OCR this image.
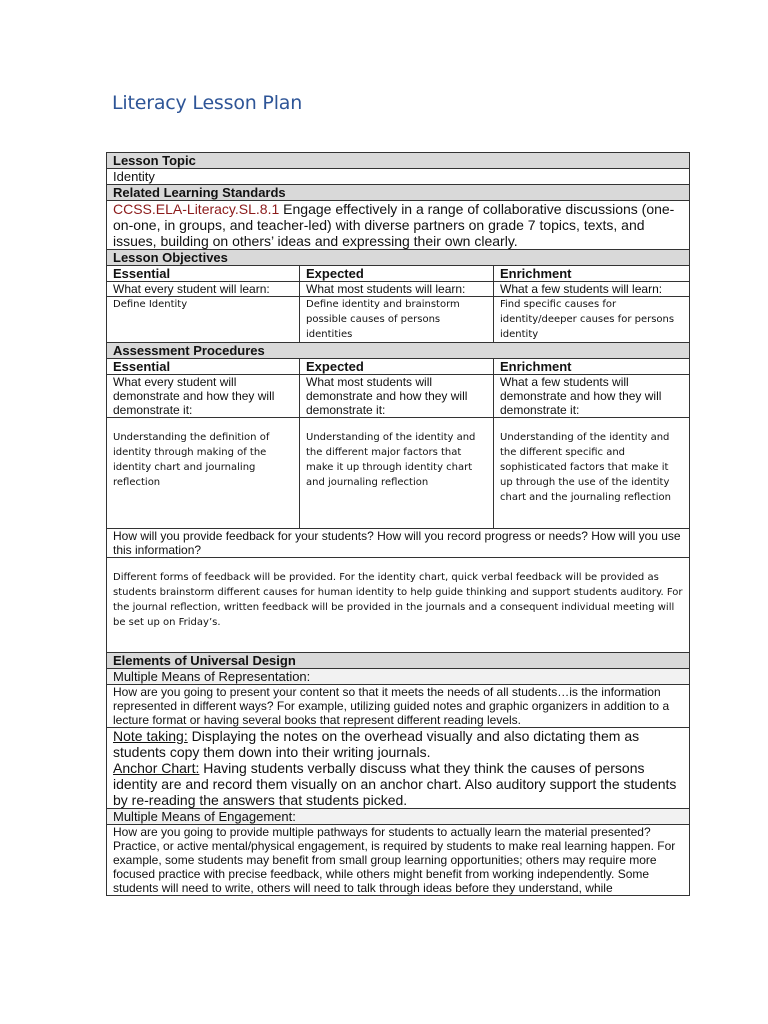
Literacy Lesson Plan
Lesson Topic		
Identity		
Related Learning Standards		
CCSS.ELA-Literacy.SL.8.1 Engage effectively in a range of collaborative discussions (one-on-one, in groups, and teacher-led) with diverse partners on grade 7 topics, texts, and issues, building on others’ ideas and expressing their own clearly.		
Lesson Objectives		
Essential	Expected	Enrichment
What every student will learn:	What most students will learn:	What a few students will learn:
Define Identity	Define identity and brainstorm possible causes of persons identities	Find specific causes for identity/deeper causes for persons identity
Assessment Procedures		
Essential	Expected	Enrichment
What every student will demonstrate and how they will demonstrate it:	What most students will demonstrate and how they will demonstrate it:	What a few students will demonstrate and how they will demonstrate it:
Understanding the definition of identity through making of the identity chart and journaling reflection	Understanding of the identity and the different major factors that make it up through identity chart and journaling reflection	Understanding of the identity and the different specific and sophisticated factors that make it up through the use of the identity chart and the journaling reflection
How will you provide feedback for your students? How will you record progress or needs? How will you use this information?		
Different forms of feedback will be provided. For the identity chart, quick verbal feedback will be provided as students brainstorm different causes for human identity to help guide thinking and support students auditory. For the journal reflection, written feedback will be provided in the journals and a consequent individual meeting will be set up on Friday’s.		
Elements of Universal Design		
Multiple Means of Representation:		
How are you going to present your content so that it meets the needs of all students…is the information represented in different ways? For example, utilizing guided notes and graphic organizers in addition to a lecture format or having several books that represent different reading levels.		

Note taking: Displaying the notes on the overhead visually and also dictating them as students copy them down into their writing journals.
Anchor Chart: Having students verbally discuss what they think the causes of persons identity are and record them visually on an anchor chart. Also auditory support the students by re-reading the answers that students picked.		

Multiple Means of Engagement:		
How are you going to provide multiple pathways for students to actually learn the material presented? Practice, or active mental/physical engagement, is required by students to make real learning happen. For example, some students may benefit from small group learning opportunities; others may require more focused practice with precise feedback, while others might benefit from working independently. Some students will need to write, others will need to talk through ideas before they understand, while		
